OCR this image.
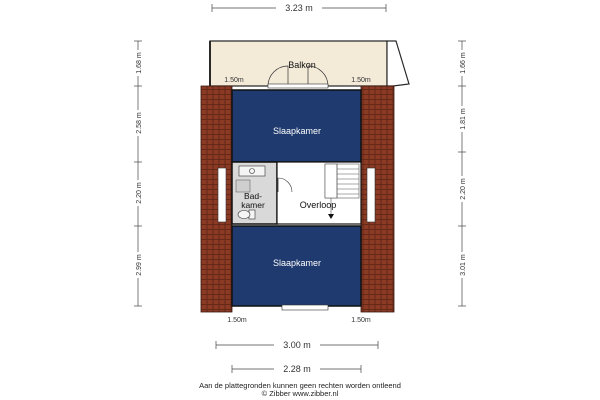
3.23 m
Balkon
1.50m	1.50m
Slaapkamer
Bad-
kamer	Overloop
Slaapkamer
1.50m	1.50m
1.68 m
2.58 m
2.20 m
2.99 m
1.66 m
1.81 m
2.20 m
3.01 m
3.00 m
2.28 m
Aan de plattegronden kunnen geen rechten worden ontleend
© Zibber www.zibber.nl
